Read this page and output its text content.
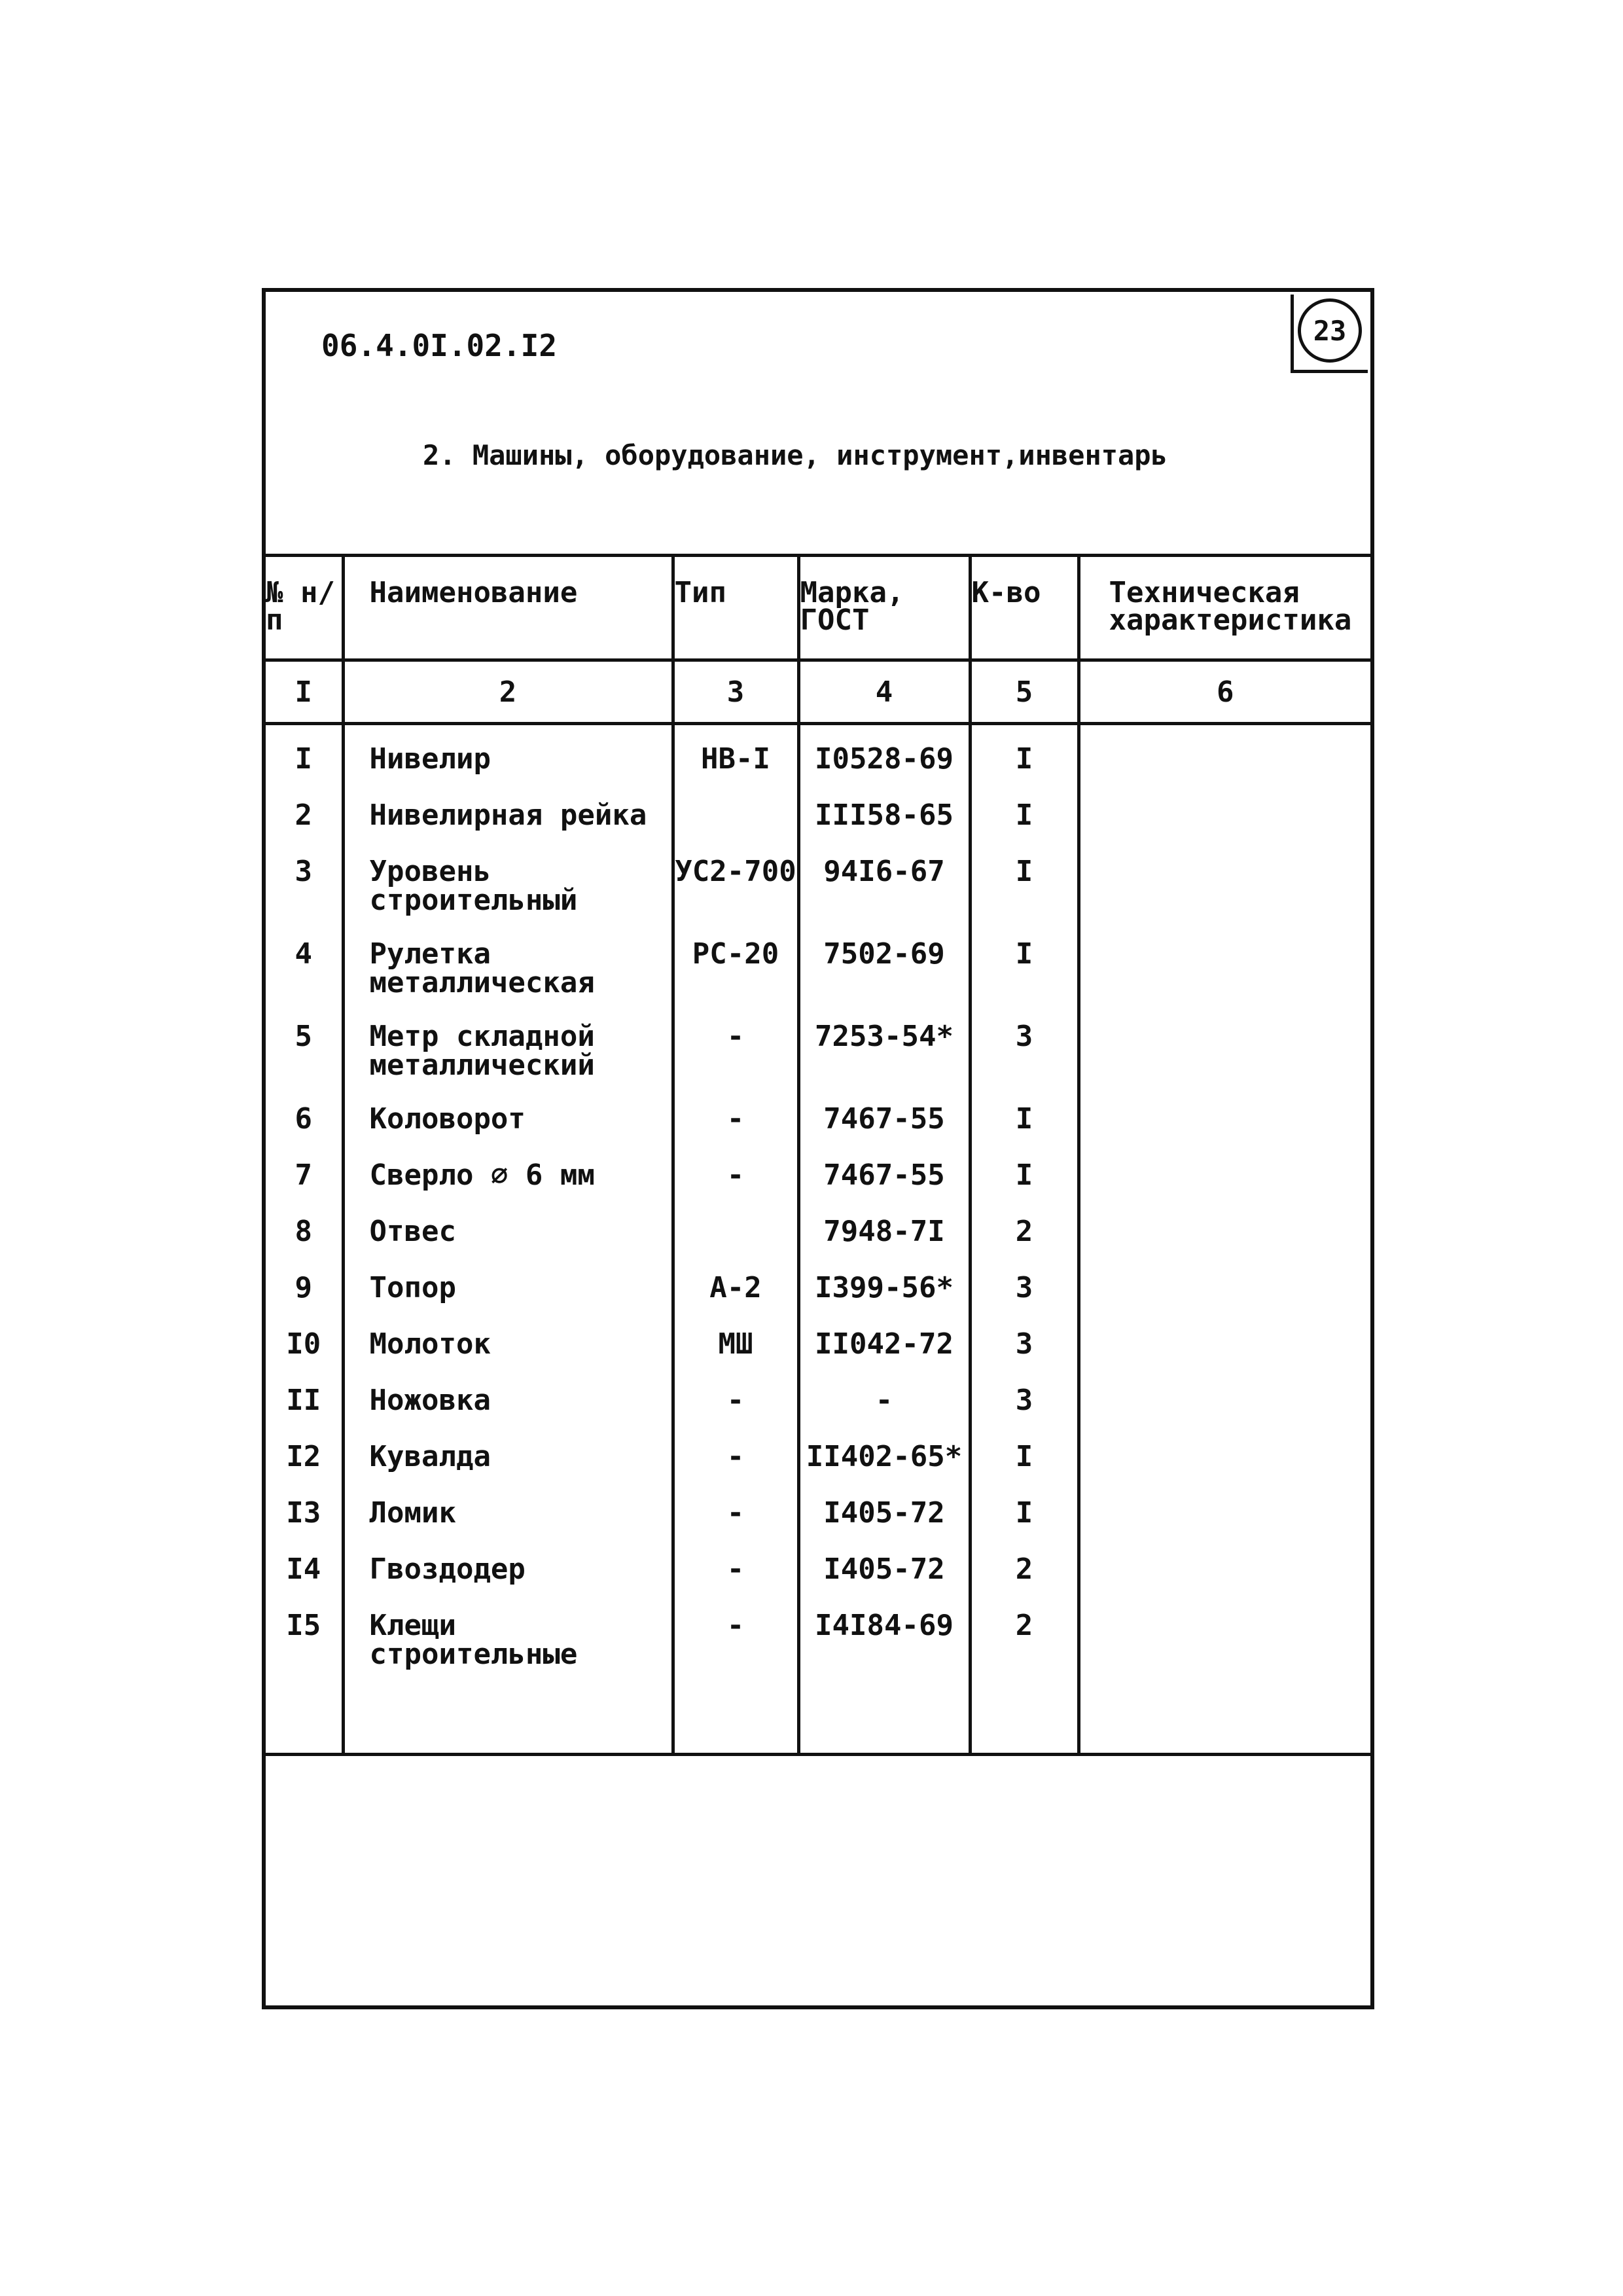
06.4.0I.02.I2	23
2. Машины, оборудование, инструмент,инвентарь
№ н/п	Наименование	Тип	Марка, ГОСТ	К-во	Техническая характеристика
I	2	3	4	5	6
I	Нивелир	НВ-I	I0528-69	I	
2	Нивелирная рейка		III58-65	I	
3	Уровень строительный	УС2-700	94I6-67	I	
4	Рулетка металлическая	РС-20	7502-69	I	
5	Метр складной металлический	-	7253-54*	3	
6	Коловорот	-	7467-55	I	
7	Сверло ∅ 6 мм	-	7467-55	I	
8	Отвес		7948-7I	2	
9	Топор	А-2	I399-56*	3	
I0	Молоток	МШ	II042-72	3	
II	Ножовка	-	-	3	
I2	Кувалда	-	II402-65*	I	
I3	Ломик	-	I405-72	I	
I4	Гвоздодер	-	I405-72	2	
I5	Клещи строительные	-	I4I84-69	2	
